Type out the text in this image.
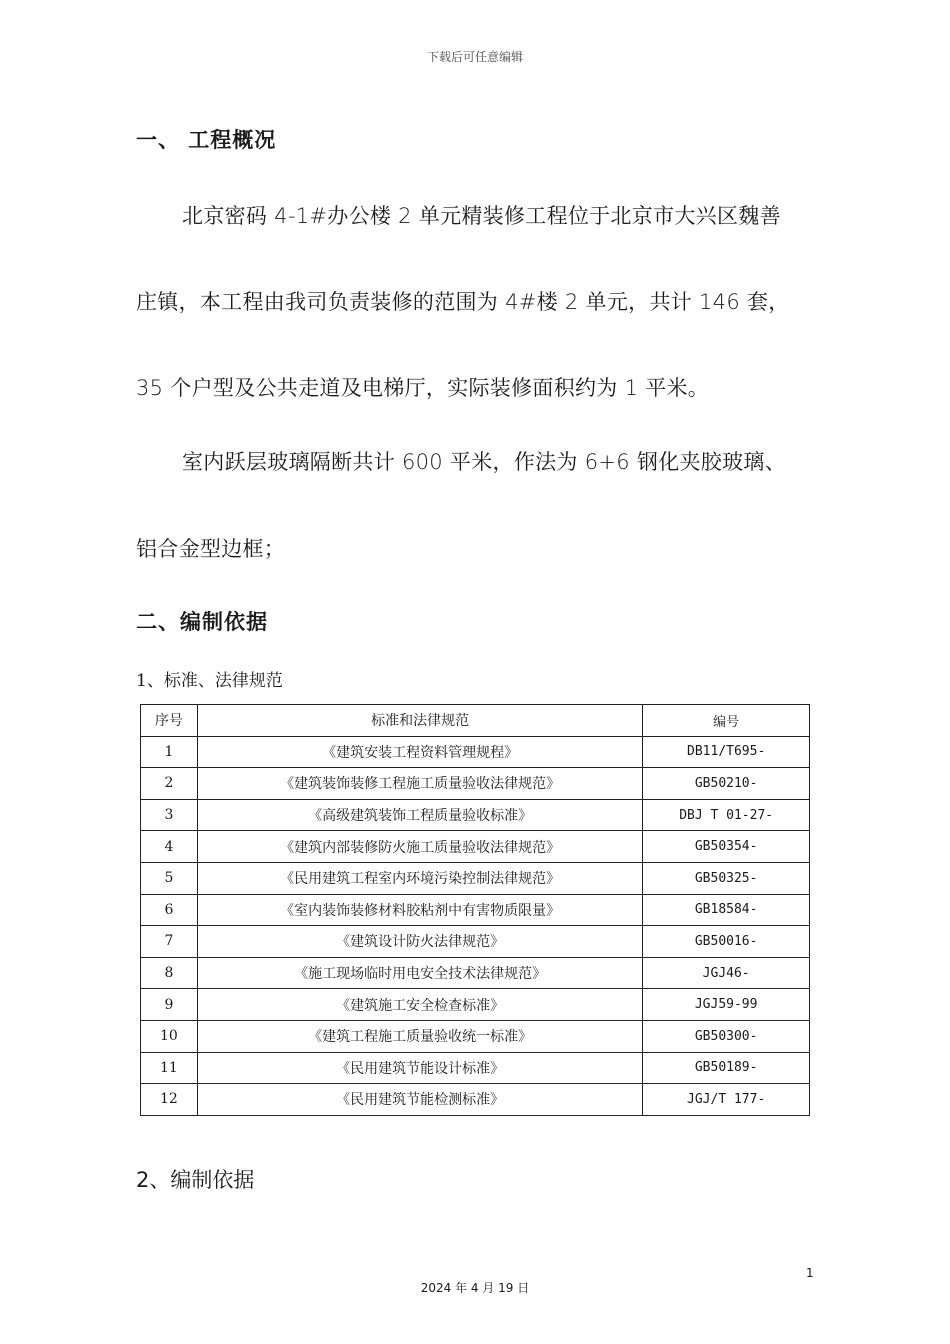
下载后可任意编辑
一、 工程概况
北京密码 4-1#办公楼 2 单元精装修工程位于北京市大兴区魏善
庄镇，本工程由我司负责装修的范围为 4#楼 2 单元，共计 146 套，
35 个户型及公共走道及电梯厅，实际装修面积约为 1 平米。
室内跃层玻璃隔断共计 600 平米，作法为 6+6 钢化夹胶玻璃、
铝合金型边框；
二、编制依据
1、标准、法律规范
序号	标准和法律规范	编号
1	《建筑安装工程资料管理规程》	DB11/T695-
2	《建筑装饰装修工程施工质量验收法律规范》	GB50210-
3	《高级建筑装饰工程质量验收标准》	DBJ T 01-27-
4	《建筑内部装修防火施工质量验收法律规范》	GB50354-
5	《民用建筑工程室内环境污染控制法律规范》	GB50325-
6	《室内装饰装修材料胶粘剂中有害物质限量》	GB18584-
7	《建筑设计防火法律规范》	GB50016-
8	《施工现场临时用电安全技术法律规范》	JGJ46-
9	《建筑施工安全检查标准》	JGJ59-99
10	《建筑工程施工质量验收统一标准》	GB50300-
11	《民用建筑节能设计标准》	GB50189-
12	《民用建筑节能检测标准》	JGJ/T 177-
2、编制依据
1
2024 年 4 月 19 日
